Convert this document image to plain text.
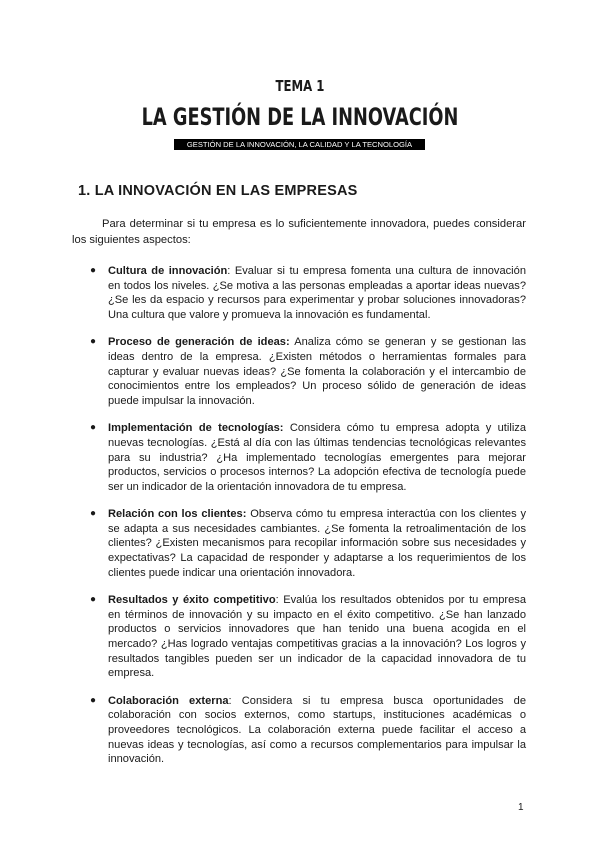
TEMA 1
LA GESTIÓN DE LA INNOVACIÓN
GESTIÓN DE LA INNOVACIÓN, LA CALIDAD Y LA TECNOLOGÍA
1. LA INNOVACIÓN EN LAS EMPRESAS

Para determinar si tu empresa es lo suficientemente innovadora, puedes considerar los siguientes aspectos:

● Cultura de innovación: Evaluar si tu empresa fomenta una cultura de innovación en todos los niveles. ¿Se motiva a las personas empleadas a aportar ideas nuevas? ¿Se les da espacio y recursos para experimentar y probar soluciones innovadoras? Una cultura que valore y promueva la innovación es fundamental.
● Proceso de generación de ideas: Analiza cómo se generan y se gestionan las ideas dentro de la empresa. ¿Existen métodos o herramientas formales para capturar y evaluar nuevas ideas? ¿Se fomenta la colaboración y el intercambio de conocimientos entre los empleados? Un proceso sólido de generación de ideas puede impulsar la innovación.
● Implementación de tecnologías: Considera cómo tu empresa adopta y utiliza nuevas tecnologías. ¿Está al día con las últimas tendencias tecnológicas relevantes para su industria? ¿Ha implementado tecnologías emergentes para mejorar productos, servicios o procesos internos? La adopción efectiva de tecnología puede ser un indicador de la orientación innovadora de tu empresa.
● Relación con los clientes: Observa cómo tu empresa interactúa con los clientes y se adapta a sus necesidades cambiantes. ¿Se fomenta la retroalimentación de los clientes? ¿Existen mecanismos para recopilar información sobre sus necesidades y expectativas? La capacidad de responder y adaptarse a los requerimientos de los clientes puede indicar una orientación innovadora.
● Resultados y éxito competitivo: Evalúa los resultados obtenidos por tu empresa en términos de innovación y su impacto en el éxito competitivo. ¿Se han lanzado productos o servicios innovadores que han tenido una buena acogida en el mercado? ¿Has logrado ventajas competitivas gracias a la innovación? Los logros y resultados tangibles pueden ser un indicador de la capacidad innovadora de tu empresa.
● Colaboración externa: Considera si tu empresa busca oportunidades de colaboración con socios externos, como startups, instituciones académicas o proveedores tecnológicos. La colaboración externa puede facilitar el acceso a nuevas ideas y tecnologías, así como a recursos complementarios para impulsar la innovación.
1
